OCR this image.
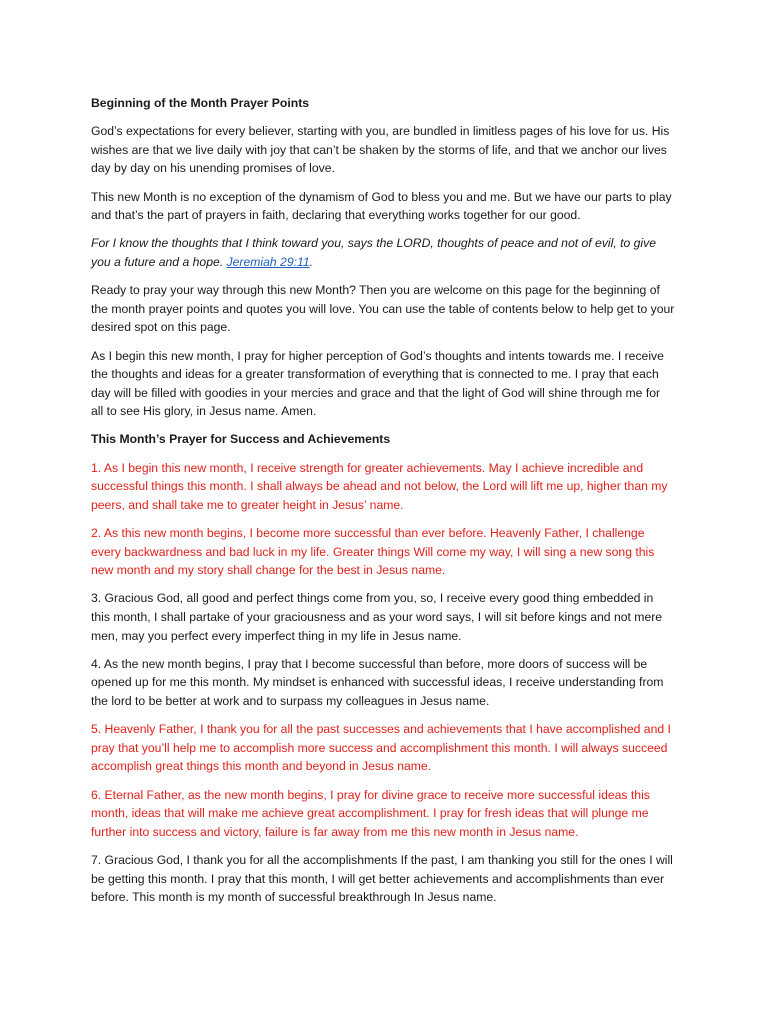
Beginning of the Month Prayer Points

God’s expectations for every believer, starting with you, are bundled in limitless pages of his love for us. His wishes are that we live daily with joy that can’t be shaken by the storms of life, and that we anchor our lives day by day on his unending promises of love.

This new Month is no exception of the dynamism of God to bless you and me. But we have our parts to play and that’s the part of prayers in faith, declaring that everything works together for our good.

For I know the thoughts that I think toward you, says the LORD, thoughts of peace and not of evil, to give you a future and a hope. Jeremiah 29:11.

Ready to pray your way through this new Month? Then you are welcome on this page for the beginning of the month prayer points and quotes you will love. You can use the table of contents below to help get to your desired spot on this page.

As I begin this new month, I pray for higher perception of God’s thoughts and intents towards me. I receive the thoughts and ideas for a greater transformation of everything that is connected to me. I pray that each day will be filled with goodies in your mercies and grace and that the light of God will shine through me for all to see His glory, in Jesus name. Amen.

This Month’s Prayer for Success and Achievements

1. As I begin this new month, I receive strength for greater achievements. May I achieve incredible and successful things this month. I shall always be ahead and not below, the Lord will lift me up, higher than my peers, and shall take me to greater height in Jesus’ name.

2. As this new month begins, I become more successful than ever before. Heavenly Father, I challenge every backwardness and bad luck in my life. Greater things Will come my way, I will sing a new song this new month and my story shall change for the best in Jesus name.

3. Gracious God, all good and perfect things come from you, so, I receive every good thing embedded in this month, I shall partake of your graciousness and as your word says, I will sit before kings and not mere men, may you perfect every imperfect thing in my life in Jesus name.

4. As the new month begins, I pray that I become successful than before, more doors of success will be opened up for me this month. My mindset is enhanced with successful ideas, I receive understanding from the lord to be better at work and to surpass my colleagues in Jesus name.

5. Heavenly Father, I thank you for all the past successes and achievements that I have accomplished and I pray that you’ll help me to accomplish more success and accomplishment this month. I will always succeed accomplish great things this month and beyond in Jesus name.

6. Eternal Father, as the new month begins, I pray for divine grace to receive more successful ideas this month, ideas that will make me achieve great accomplishment. I pray for fresh ideas that will plunge me further into success and victory, failure is far away from me this new month in Jesus name.

7. Gracious God, I thank you for all the accomplishments If the past, I am thanking you still for the ones I will be getting this month. I pray that this month, I will get better achievements and accomplishments than ever before. This month is my month of successful breakthrough In Jesus name.
